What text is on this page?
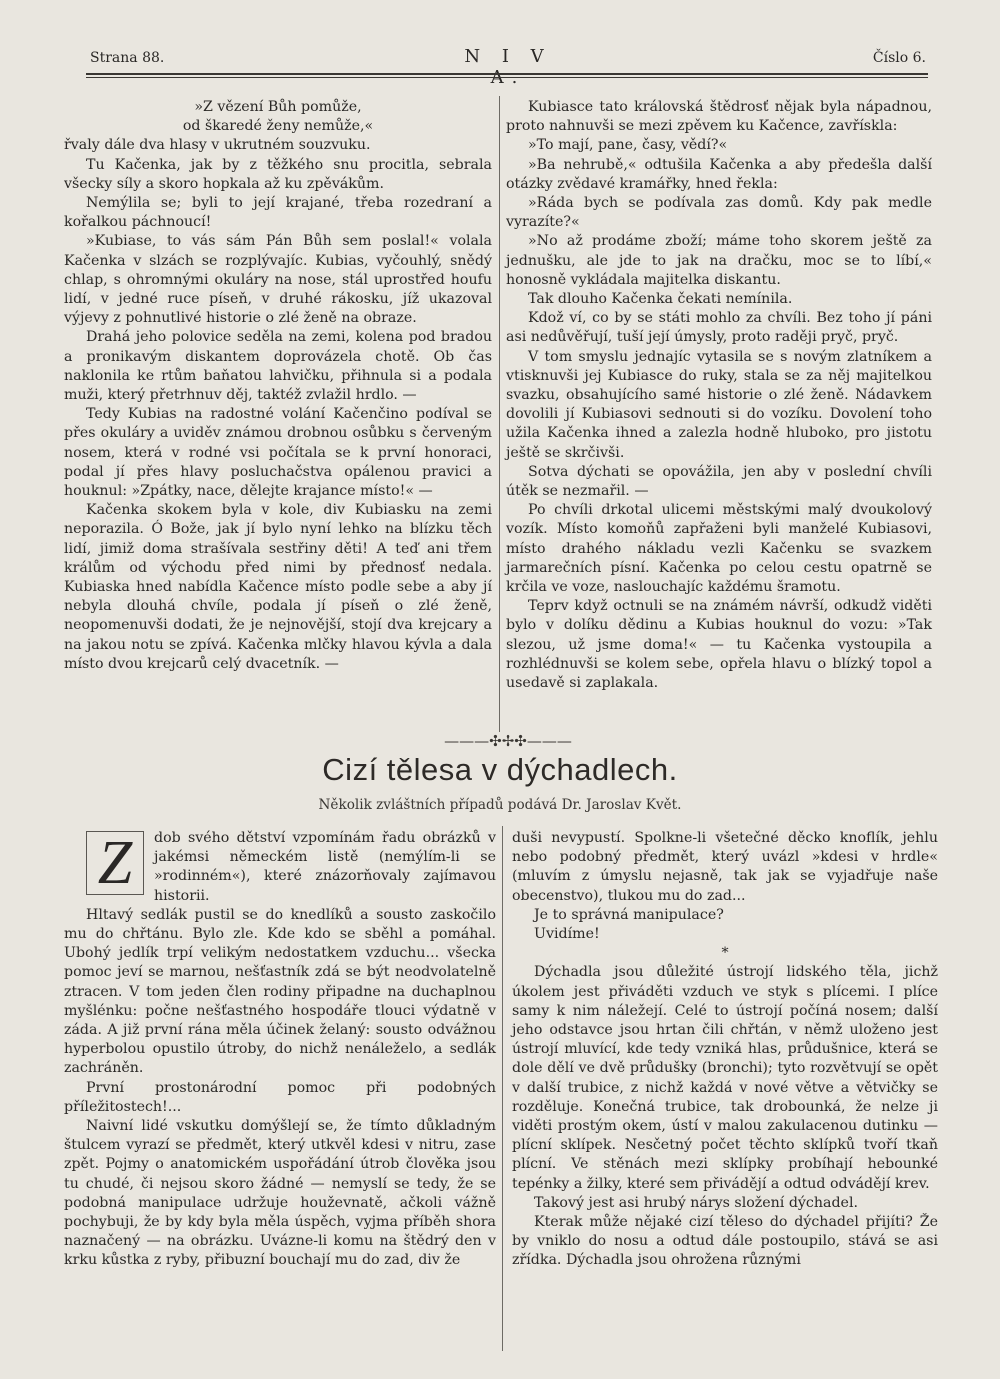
Strana 88.	N I V A.
Číslo 6.

»Z vězení Bůh pomůže,

od škaredé ženy nemůže,«

řvaly dále dva hlasy v ukrutném souzvuku.

Tu Kačenka, jak by z těžkého snu procitla, sebrala všecky síly a skoro hopkala až ku zpěvákům.

Nemýlila se; byli to její krajané, třeba rozedraní a kořalkou páchnoucí!

»Kubiase, to vás sám Pán Bůh sem poslal!« volala Kačenka v slzách se rozplývajíc. Kubias, vyčouhlý, snědý chlap, s ohromnými okuláry na nose, stál uprostřed houfu lidí, v jedné ruce píseň, v druhé rákosku, jíž ukazoval výjevy z pohnutlivé historie o zlé ženě na obraze.

Drahá jeho polovice seděla na zemi, kolena pod bradou a pronikavým diskantem doprovázela chotě. Ob čas naklonila ke rtům baňatou lahvičku, přihnula si a podala muži, který přetrhnuv děj, taktéž zvlažil hrdlo. —

Tedy Kubias na radostné volání Kačenčino podíval se přes okuláry a uviděv známou drobnou osůbku s červeným nosem, která v rodné vsi počítala se k první honoraci, podal jí přes hlavy posluchačstva opálenou pravici a houknul: »Zpátky, nace, dělejte krajance místo!« —

Kačenka skokem byla v kole, div Kubiasku na zemi neporazila. Ó Bože, jak jí bylo nyní lehko na blízku těch lidí, jimiž doma strašívala sestřiny děti! A teď ani třem králům od východu před nimi by přednosť nedala. Kubiaska hned nabídla Kačence místo podle sebe a aby jí nebyla dlouhá chvíle, podala jí píseň o zlé ženě, neopomenuvši dodati, že je nejnovější, stojí dva krejcary a na jakou notu se zpívá. Kačenka mlčky hlavou kývla a dala místo dvou krejcarů celý dvacetník. —

Kubiasce tato královská štědrosť nějak byla nápadnou, proto nahnuvši se mezi zpěvem ku Kačence, zavřískla:

»To mají, pane, časy, vědí?«

»Ba nehrubě,« odtušila Kačenka a aby předešla další otázky zvědavé kramářky, hned řekla:

»Ráda bych se podívala zas domů. Kdy pak medle vyrazíte?«

»No až prodáme zboží; máme toho skorem ještě za jednušku, ale jde to jak na dračku, moc se to líbí,« honosně vykládala majitelka diskantu.

Tak dlouho Kačenka čekati nemínila.

Kdož ví, co by se státi mohlo za chvíli. Bez toho jí páni asi nedůvěřují, tuší její úmysly, proto raději pryč, pryč.

V tom smyslu jednajíc vytasila se s novým zlatníkem a vtisknuvši jej Kubiasce do ruky, stala se za něj majitelkou svazku, obsahujícího samé historie o zlé ženě. Nádavkem dovolili jí Kubiasovi sednouti si do vozíku. Dovolení toho užila Kačenka ihned a zalezla hodně hluboko, pro jistotu ještě se skrčivši.

Sotva dýchati se opovážila, jen aby v poslední chvíli útěk se nezmařil. —

Po chvíli drkotal ulicemi městskými malý dvoukolový vozík. Místo komoňů zapřaženi byli manželé Kubiasovi, místo drahého nákladu vezli Kačenku se svazkem jarmarečních písní. Kačenka po celou cestu opatrně se krčila ve voze, naslouchajíc každému šramotu.

Teprv když octnuli se na známém návrší, odkudž viděti bylo v dolíku dědinu a Kubias houknul do vozu: »Tak slezou, už jsme doma!« — tu Kačenka vystoupila a rozhlédnuvši se kolem sebe, opřela hlavu o blízký topol a usedavě si zaplakala.

———✣✢✣———
Cizí tělesa v dýchadlech.
Několik zvláštních případů podává Dr. Jaroslav Květ.

Z	dob svého dětství vzpomínám řadu obrázků v jakémsi německém listě (nemýlím-li se »rodinném«), které znázorňovaly zajímavou historii.

Hltavý sedlák pustil se do knedlíků a sousto zaskočilo mu do chřtánu. Bylo zle. Kde kdo se sběhl a pomáhal. Ubohý jedlík trpí velikým nedostatkem vzduchu... všecka pomoc jeví se marnou, nešťastník zdá se být neodvolatelně ztracen. V tom jeden člen rodiny připadne na duchaplnou myšlénku: počne nešťastného hospodáře tlouci výdatně v záda. A již první rána měla účinek želaný: sousto odvážnou hyperbolou opustilo útroby, do nichž nenáleželo, a sedlák zachráněn.

První prostonárodní pomoc při podobných příležitostech!...

Naivní lidé vskutku domýšlejí se, že tímto důkladným štulcem vyrazí se předmět, který utkvěl kdesi v nitru, zase zpět. Pojmy o anatomickém uspořádání útrob člověka jsou tu chudé, či nejsou skoro žádné — nemyslí se tedy, že se podobná manipulace udržuje houževnatě, ačkoli vážně pochybuji, že by kdy byla měla úspěch, vyjma příběh shora naznačený — na obrázku. Uvázne-li komu na štědrý den v krku kůstka z ryby, přibuzní bouchají mu do zad, div že

duši nevypustí. Spolkne-li všetečné děcko knoflík, jehlu nebo podobný předmět, který uvázl »kdesi v hrdle« (mluvím z úmyslu nejasně, tak jak se vyjadřuje naše obecenstvo), tlukou mu do zad...

Je to správná manipulace?

Uvidíme!

*

Dýchadla jsou důležité ústrojí lidského těla, jichž úkolem jest přiváděti vzduch ve styk s plícemi. I plíce samy k nim náležejí. Celé to ústrojí počíná nosem; další jeho odstavce jsou hrtan čili chřtán, v němž uloženo jest ústrojí mluvící, kde tedy vzniká hlas, průdušnice, která se dole dělí ve dvě průdušky (bronchi); tyto rozvětvují se opět v další trubice, z nichž každá v nové větve a větvičky se rozděluje. Konečná trubice, tak drobounká, že nelze ji viděti prostým okem, ústí v malou zakulacenou dutinku — plícní sklípek. Nesčetný počet těchto sklípků tvoří tkaň plícní. Ve stěnách mezi sklípky probíhají hebounké tepénky a žilky, které sem přivádějí a odtud odvádějí krev.

Takový jest asi hrubý nárys složení dýchadel.

Kterak může nějaké cizí těleso do dýchadel přijíti? Že by vniklo do nosu a odtud dále postoupilo, stává se asi zřídka. Dýchadla jsou ohrožena různými
